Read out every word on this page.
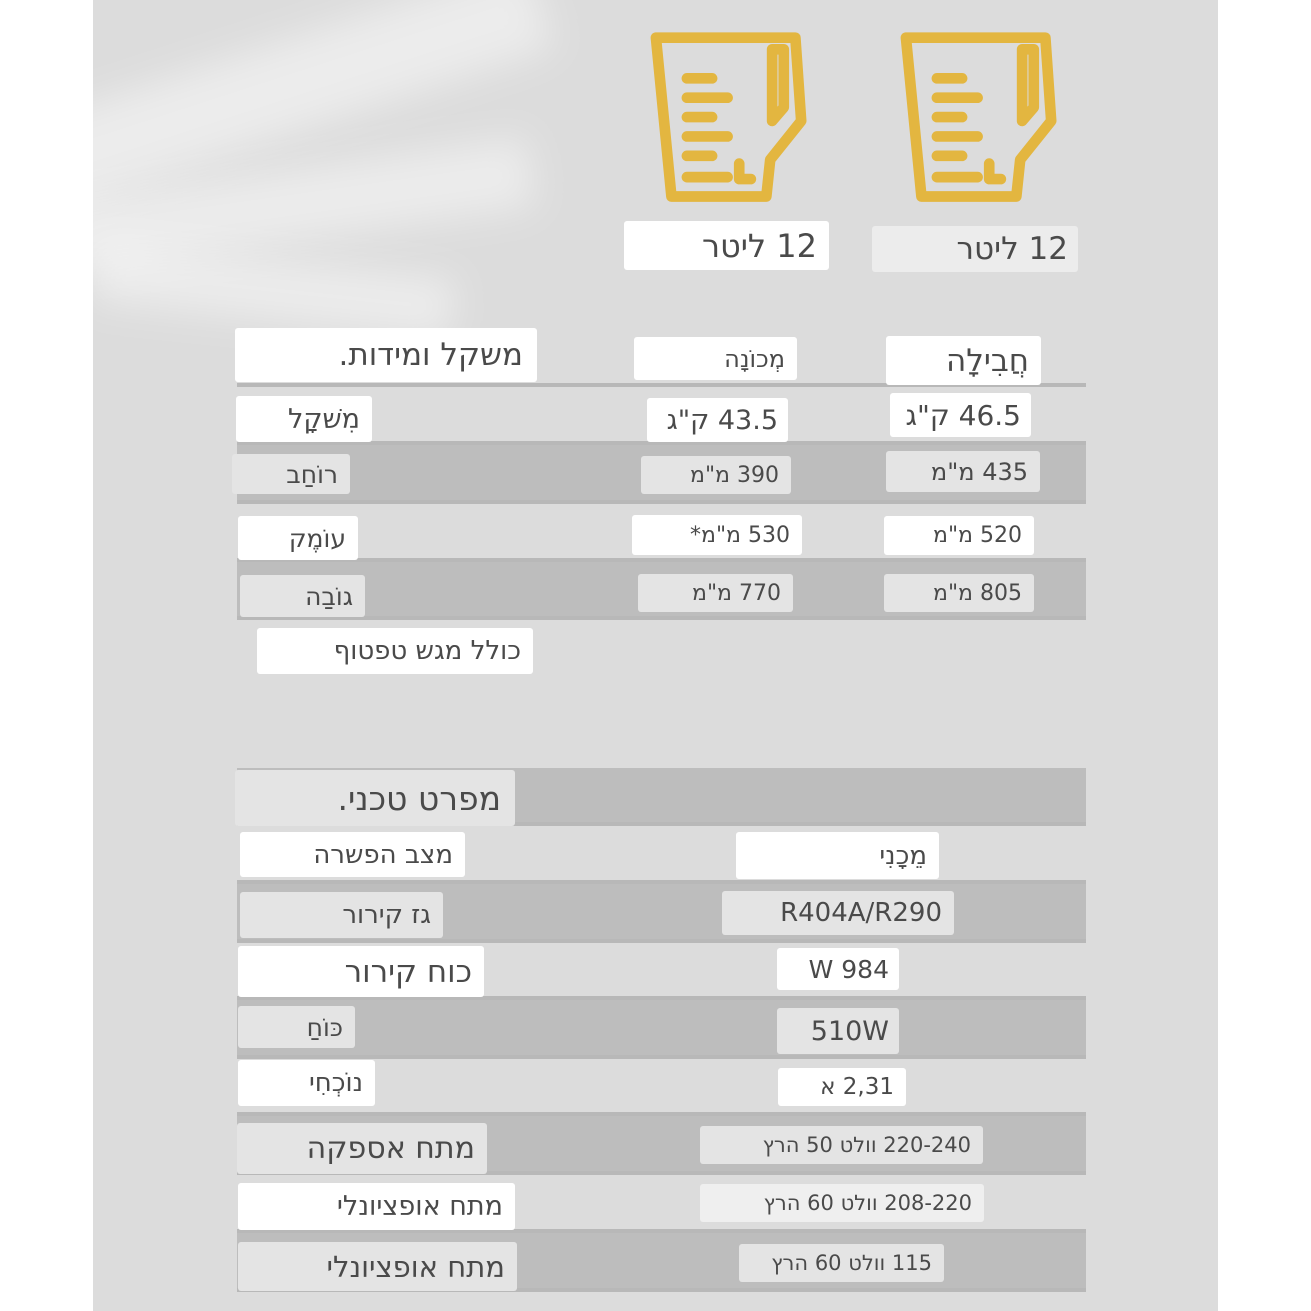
12 ליטר	12 ליטר
משקל ומידות.	מְכוֹנָה	חֲבִילָה
מִשׁקָל	43.5 ק"ג	46.5 ק"ג
רוֹחַב	390 מ"מ	435 מ"מ
עוֹמֶק	530 מ"מ*	520 מ"מ
גוֹבַה	770 מ"מ	805 מ"מ
כולל מגש טפטוף
מפרט טכני.
מצב הפשרה	מֵכָנִי
גז קירור	R404A/R290
כוח קירור	984 W
כּוֹחַ	510W
נוֹכְחִי	2,31 א
מתח אספקה	220-240 וולט 50 הרץ
מתח אופציונלי	208-220 וולט 60 הרץ
מתח אופציונלי	115 וולט 60 הרץ
